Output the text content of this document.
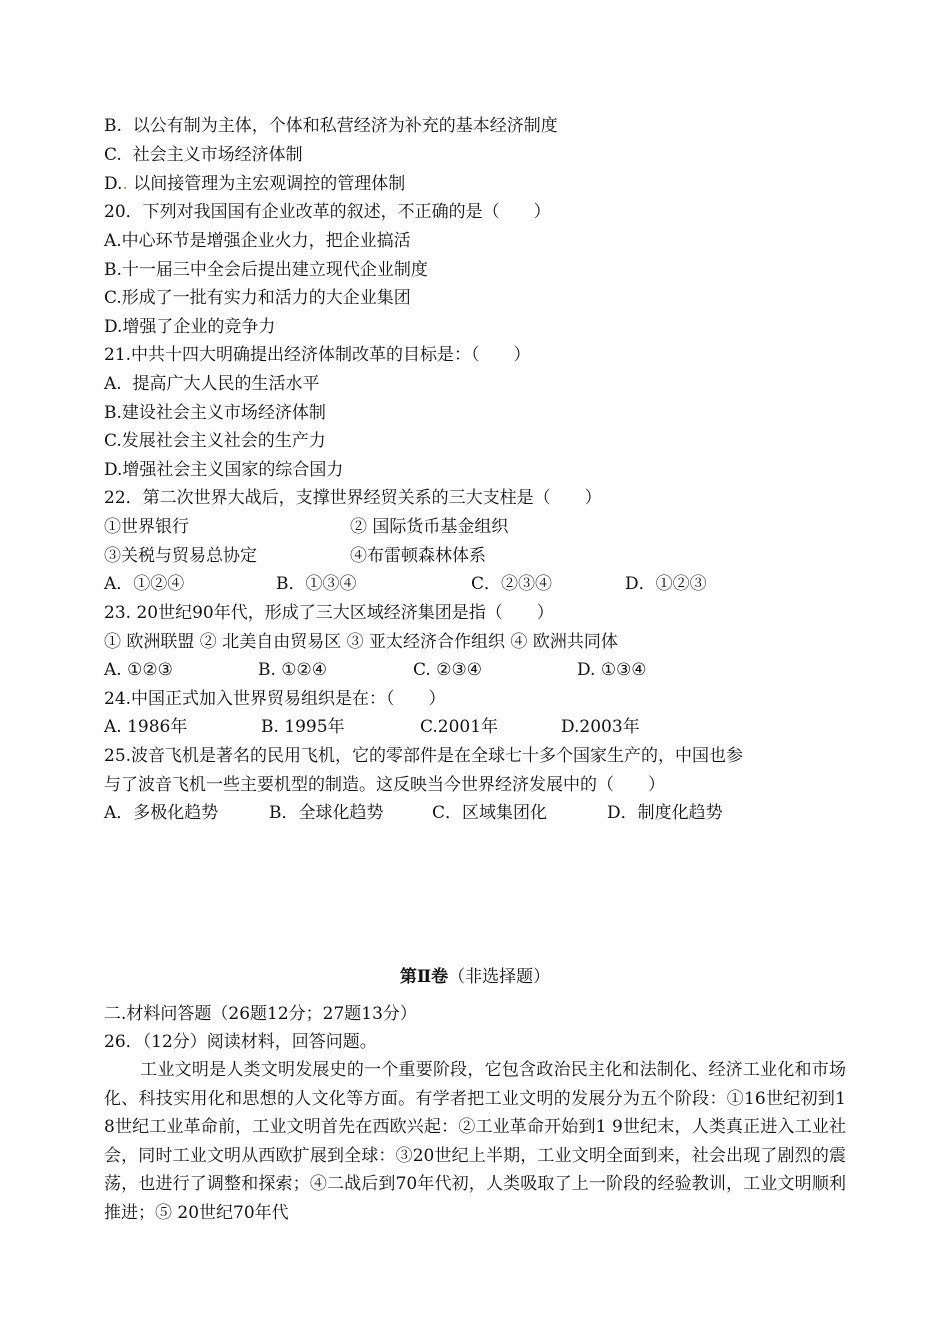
B.  以公有制为主体，个体和私营经济为补充的基本经济制度
C.  社会主义市场经济体制
D.. 以间接管理为主宏观调控的管理体制
20．下列对我国国有企业改革的叙述，不正确的是（　　）
A.中心环节是增强企业火力，把企业搞活
B.十一届三中全会后提出建立现代企业制度
C.形成了一批有实力和活力的大企业集团
D.增强了企业的竞争力
21.中共十四大明确提出经济体制改革的目标是：（　　）
A.  提高广大人民的生活水平
B.建设社会主义市场经济体制
C.发展社会主义社会的生产力
D.增强社会主义国家的综合国力
22．第二次世界大战后，支撑世界经贸关系的三大支柱是（　　）

①世界银行

	② 国际货币基金组织

③关税与贸易总协定

	④布雷顿森林体系

A．①②④

	B．①③④

	C．②③④

	D．①②③

23. 20世纪90年代，形成了三大区域经济集团是指（　　）
① 欧洲联盟 ② 北美自由贸易区 ③ 亚太经济合作组织 ④ 欧洲共同体

A. ①②③

	B. ①②④

	C. ②③④

	D. ①③④

24.中国正式加入世界贸易组织是在：（　　）

A. 1986年

	B. 1995年

	C.2001年

	D.2003年

25.波音飞机是著名的民用飞机，它的零部件是在全球七十多个国家生产的，中国也参
与了波音飞机一些主要机型的制造。这反映当今世界经济发展中的（　　）

A．多极化趋势

	B．全球化趋势

	C．区域集团化

	D．制度化趋势

第Ⅱ卷（非选择题）
二.材料问答题（26题12分；27题13分）
26．（12分）阅读材料，回答问题。
工业文明是人类文明发展史的一个重要阶段，它包含政治民主化和法制化、经济工业化和市场化、科技实用化和思想的人文化等方面。有学者把工业文明的发展分为五个阶段：①16世纪初到1 8世纪工业革命前，工业文明首先在西欧兴起：②工业革命开始到1 9世纪末，人类真正进入工业社会，同时工业文明从西欧扩展到全球：③20世纪上半期，工业文明全面到来，社会出现了剧烈的震荡，也进行了调整和探索；④二战后到70年代初，人类吸取了上一阶段的经验教训，工业文明顺利推进；⑤ 20世纪70年代
